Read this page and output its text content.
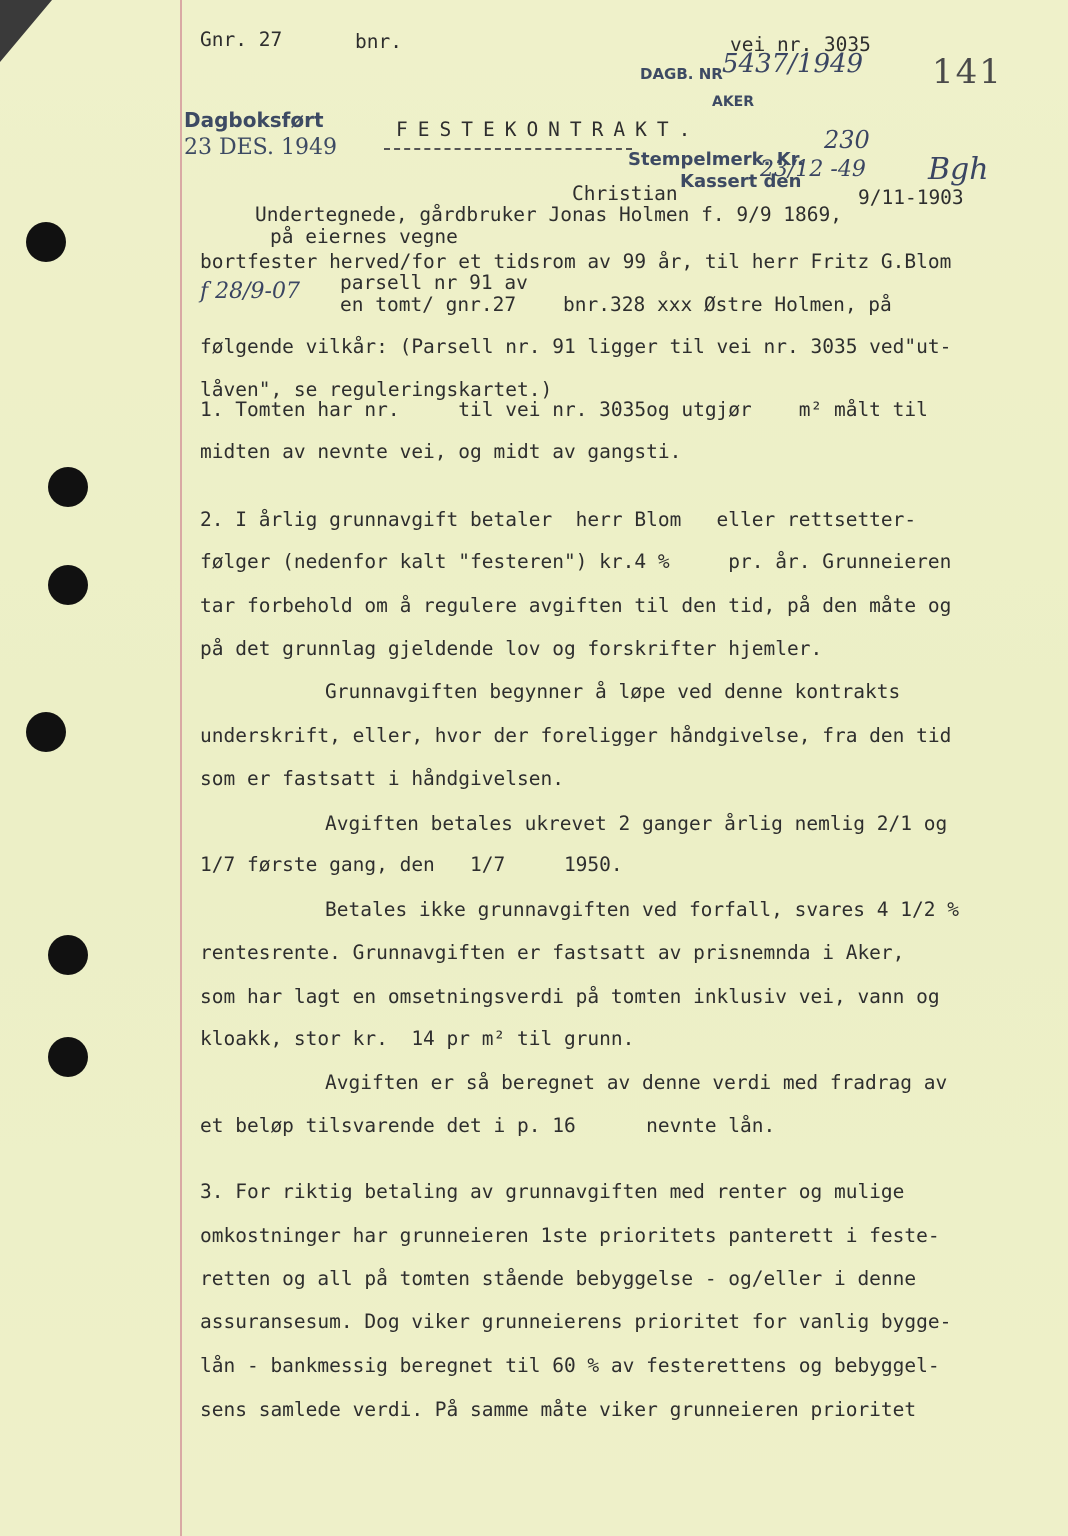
Gnr. 27	bnr.	vei nr. 3035
141
DAGB. NR 5437/1949
AKER
Dagboksført
23 DES. 1949	Stempelmerk. Kr.
230
Christian
Kassert den
23/12 -49 Bgh
9/11-1903
FESTEKONTRAKT.
Undertegnede, gårdbruker Jonas Holmen f. 9/9 1869,
på eiernes vegne
bortfester herved/for et tidsrom av 99 år, til herr Fritz G.Blom
parsell nr 91 av
f 28/9-07
en tomt/ gnr.27    bnr.328 xxx Østre Holmen, på
følgende vilkår: (Parsell nr. 91 ligger til vei nr. 3035 ved"ut-
låven", se reguleringskartet.)
1. Tomten har nr.     til vei nr. 3035og utgjør    m² målt til
midten av nevnte vei, og midt av gangsti.
2. I årlig grunnavgift betaler  herr Blom   eller rettsetter-
følger (nedenfor kalt "festeren") kr.4 %     pr. år. Grunneieren
tar forbehold om å regulere avgiften til den tid, på den måte og
på det grunnlag gjeldende lov og forskrifter hjemler.
Grunnavgiften begynner å løpe ved denne kontrakts
underskrift, eller, hvor der foreligger håndgivelse, fra den tid
som er fastsatt i håndgivelsen.
Avgiften betales ukrevet 2 ganger årlig nemlig 2/1 og
1/7 første gang, den   1/7     1950.
Betales ikke grunnavgiften ved forfall, svares 4 1/2 %
rentesrente. Grunnavgiften er fastsatt av prisnemnda i Aker,
som har lagt en omsetningsverdi på tomten inklusiv vei, vann og
kloakk, stor kr.  14 pr m² til grunn.
Avgiften er så beregnet av denne verdi med fradrag av
et beløp tilsvarende det i p. 16      nevnte lån.
3. For riktig betaling av grunnavgiften med renter og mulige
omkostninger har grunneieren 1ste prioritets panterett i feste-
retten og all på tomten stående bebyggelse - og/eller i denne
assuransesum. Dog viker grunneierens prioritet for vanlig bygge-
lån - bankmessig beregnet til 60 % av festerettens og bebyggel-
sens samlede verdi. På samme måte viker grunneieren prioritet
